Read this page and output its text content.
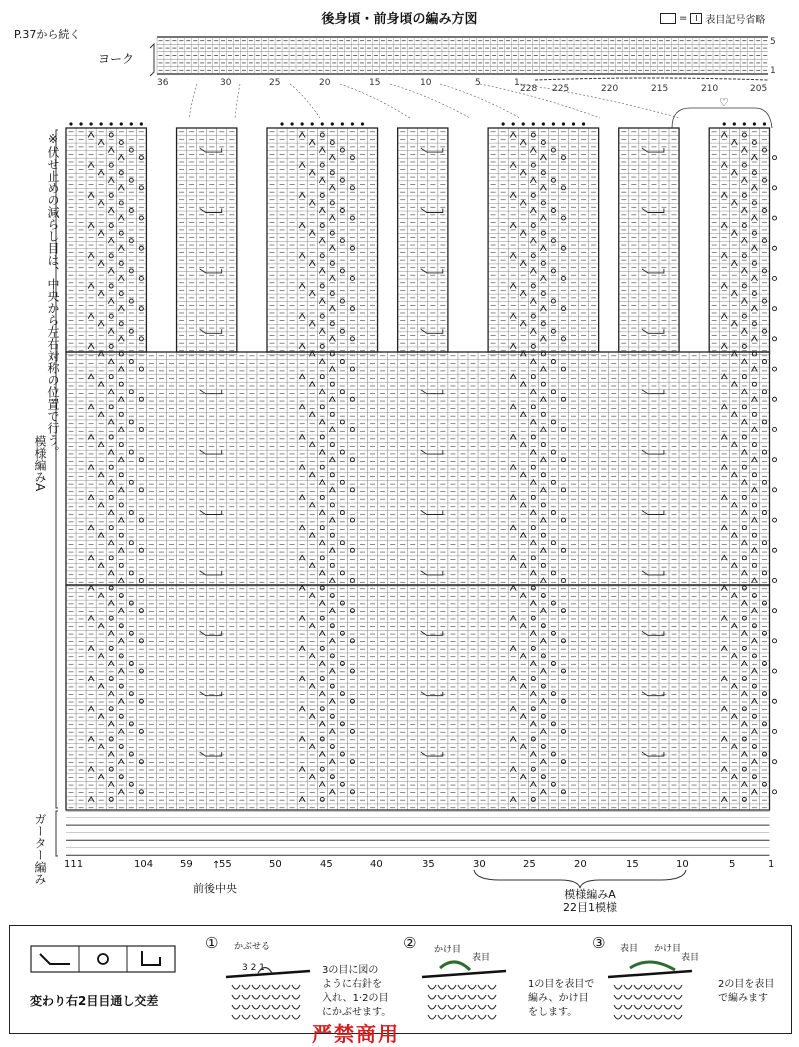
後身頃・前身頃の編み方図
P.37から続く
= I 表目記号省略
ヨーク
5
1
36	30	25	20	15	10	5	1
228 225	220	215	210	205
♡
※伏せ止めの減らし目は、中央から左右対称の位置で行う。
模様編みA
ガーター編み 111	104	59	55	50	45	40	35	30	25	20	15	10	5	1
↑
前後中央	模様編みA
22目1模様
変わり右2目目通し交差
① かぶせる
3 2 1	3の目に図の
ように右針を
入れ、1·2の目
にかぶせます。
② かけ目
表目
1の目を表目で
編み、かけ目
をします。
③ 表目 かけ目
表目
2の目を表目
で編みます
严禁商用
